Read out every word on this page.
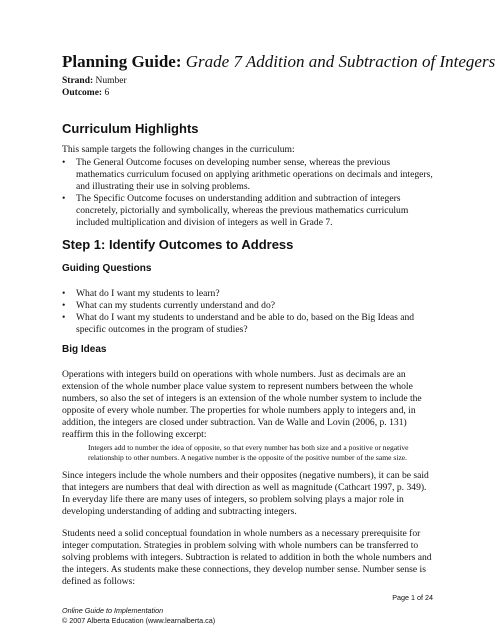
Planning Guide: Grade 7 Addition and Subtraction of Integers
Strand: Number
Outcome: 6
Curriculum Highlights
This sample targets the following changes in the curriculum:
• The General Outcome focuses on developing number sense, whereas the previous
mathematics curriculum focused on applying arithmetic operations on decimals and integers,
and illustrating their use in solving problems.
• The Specific Outcome focuses on understanding addition and subtraction of integers
concretely, pictorially and symbolically, whereas the previous mathematics curriculum
included multiplication and division of integers as well in Grade 7.
Step 1: Identify Outcomes to Address
Guiding Questions
• What do I want my students to learn?
• What can my students currently understand and do?
• What do I want my students to understand and be able to do, based on the Big Ideas and
specific outcomes in the program of studies?
Big Ideas
Operations with integers build on operations with whole numbers. Just as decimals are an
extension of the whole number place value system to represent numbers between the whole
numbers, so also the set of integers is an extension of the whole number system to include the
opposite of every whole number. The properties for whole numbers apply to integers and, in
addition, the integers are closed under subtraction. Van de Walle and Lovin (2006, p. 131)
reaffirm this in the following excerpt:
Integers add to number the idea of opposite, so that every number has both size and a positive or negative
relationship to other numbers. A negative number is the opposite of the positive number of the same size.
Since integers include the whole numbers and their opposites (negative numbers), it can be said
that integers are numbers that deal with direction as well as magnitude (Cathcart 1997, p. 349).
In everyday life there are many uses of integers, so problem solving plays a major role in
developing understanding of adding and subtracting integers.
Students need a solid conceptual foundation in whole numbers as a necessary prerequisite for
integer computation. Strategies in problem solving with whole numbers can be transferred to
solving problems with integers. Subtraction is related to addition in both the whole numbers and
the integers. As students make these connections, they develop number sense. Number sense is
defined as follows:
Page 1 of 24
Online Guide to Implementation
© 2007 Alberta Education (www.learnalberta.ca)
